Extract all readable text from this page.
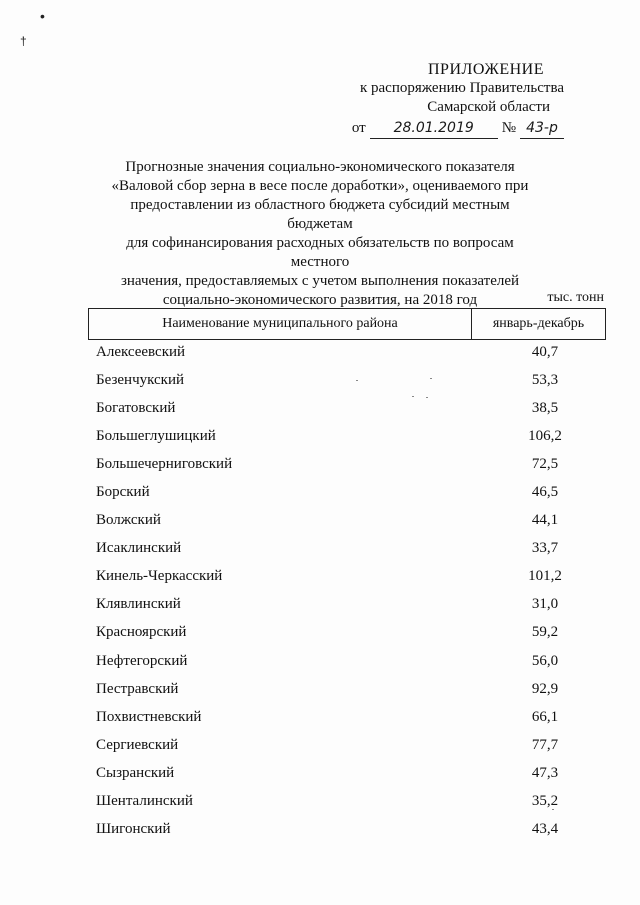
•
†
ПРИЛОЖЕНИЕ
к распоряжению Правительства
Самарской области
от	28.01.2019	№ 43-р
Прогнозные значения социально-экономического показателя
«Валовой сбор зерна в весе после доработки», оцениваемого при
предоставлении из областного бюджета субсидий местным бюджетам
для софинансирования расходных обязательств по вопросам местного
значения, предоставляемых с учетом выполнения показателей
социально-экономического развития, на 2018 год	тыс. тонн
Наименование муниципального района	январь-декабрь
Алексеевский	40,7
Безенчукский	53,3
Богатовский	38,5
Большеглушицкий	106,2
Большечерниговский	72,5
Борский	46,5
Волжский	44,1
Исаклинский	33,7
Кинель-Черкасский	101,2
Клявлинский	31,0
Красноярский	59,2
Нефтегорский	56,0
Пестравский	92,9
Похвистневский	66,1
Сергиевский	77,7
Сызранский	47,3
Шенталинский	35,2
Шигонский	43,4
